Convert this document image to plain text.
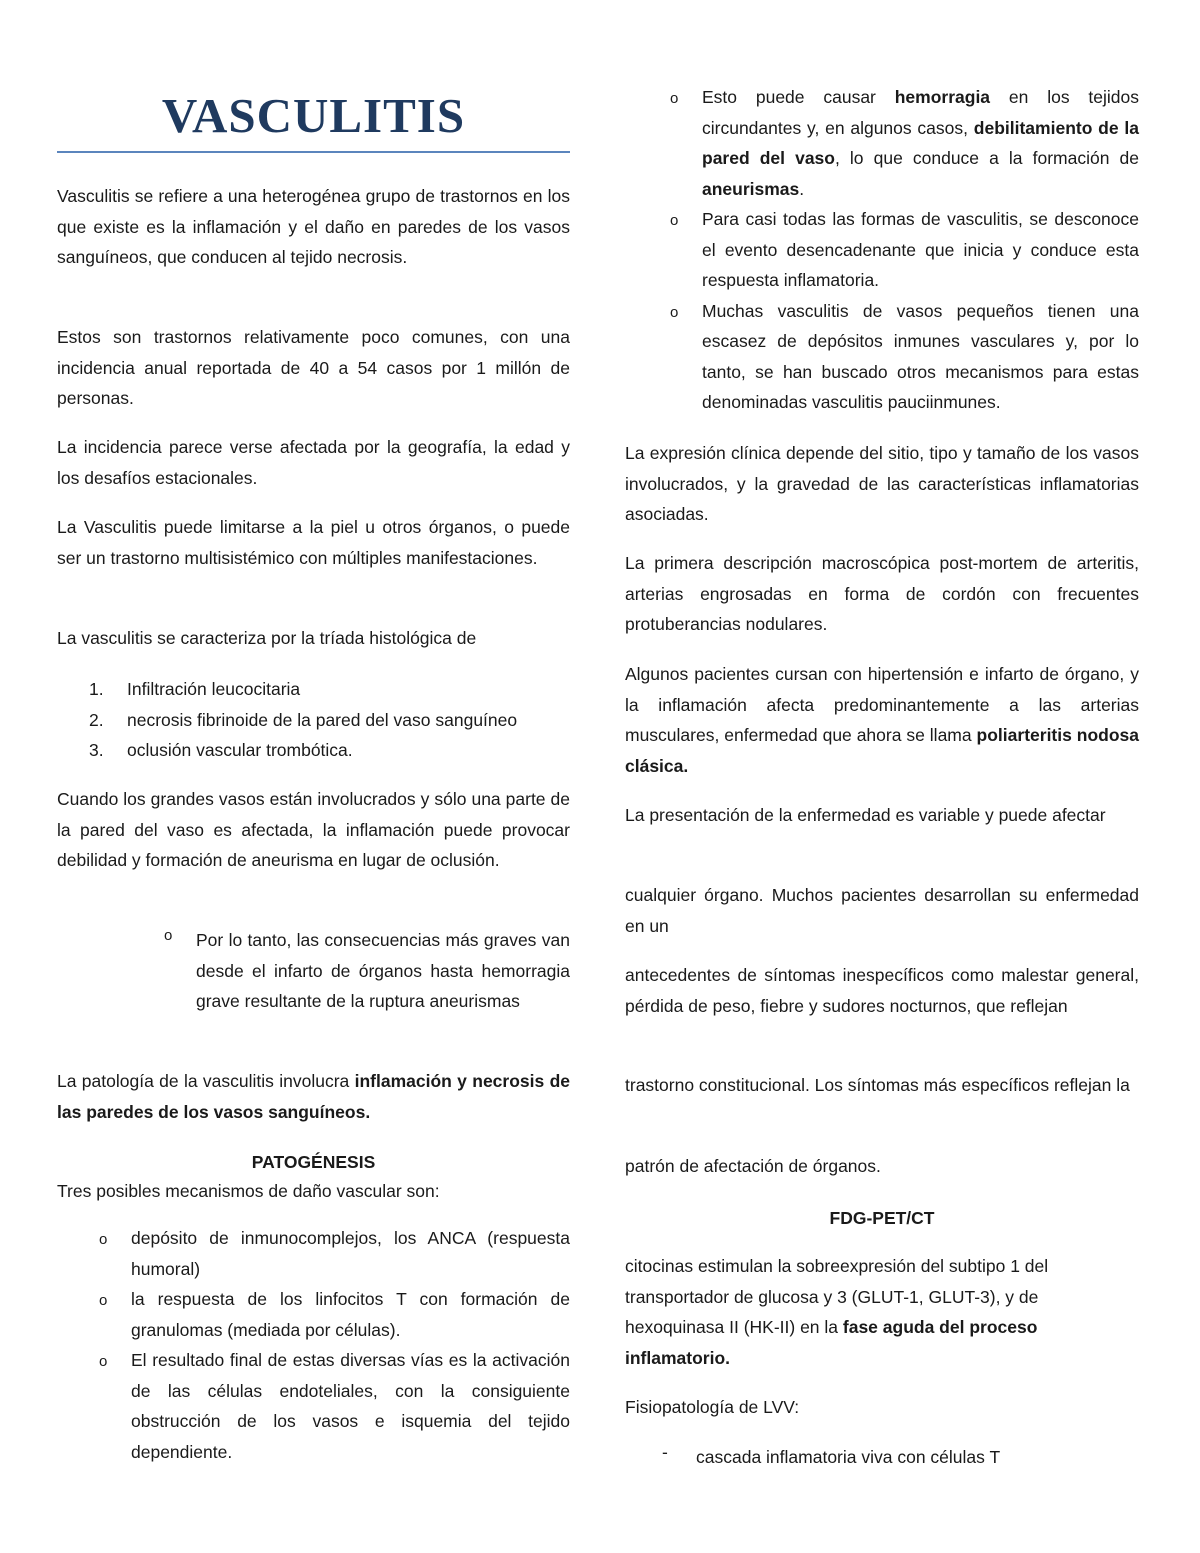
VASCULITIS

Vasculitis se refiere a una heterogénea grupo de trastornos en los que existe es la inflamación y el daño en paredes de los vasos sanguíneos, que conducen al tejido necrosis.

Estos son trastornos relativamente poco comunes, con una incidencia anual reportada de 40 a 54 casos por 1 millón de personas.

La incidencia parece verse afectada por la geografía, la edad y los desafíos estacionales.

La Vasculitis puede limitarse a la piel u otros órganos, o puede ser un trastorno multisistémico con múltiples manifestaciones.

La vasculitis se caracteriza por la tríada histológica de

1. Infiltración leucocitaria
2. necrosis fibrinoide de la pared del vaso sanguíneo
3. oclusión vascular trombótica.

Cuando los grandes vasos están involucrados y sólo una parte de la pared del vaso es afectada, la inflamación puede provocar debilidad y formación de aneurisma en lugar de oclusión.

o Por lo tanto, las consecuencias más graves van desde el infarto de órganos hasta hemorragia grave resultante de la ruptura aneurismas

La patología de la vasculitis involucra inflamación y necrosis de las paredes de los vasos sanguíneos.

PATOGÉNESIS

Tres posibles mecanismos de daño vascular son:

o depósito de inmunocomplejos, los ANCA (respuesta humoral)
o la respuesta de los linfocitos T con formación de granulomas (mediada por células).
o El resultado final de estas diversas vías es la activación de las células endoteliales, con la consiguiente obstrucción de los vasos e isquemia del tejido dependiente.
o Esto puede causar hemorragia en los tejidos circundantes y, en algunos casos, debilitamiento de la pared del vaso, lo que conduce a la formación de aneurismas.
o Para casi todas las formas de vasculitis, se desconoce el evento desencadenante que inicia y conduce esta respuesta inflamatoria.
o Muchas vasculitis de vasos pequeños tienen una escasez de depósitos inmunes vasculares y, por lo tanto, se han buscado otros mecanismos para estas denominadas vasculitis pauciinmunes.

La expresión clínica depende del sitio, tipo y tamaño de los vasos involucrados, y la gravedad de las características inflamatorias asociadas.

La primera descripción macroscópica post-mortem de arteritis, arterias engrosadas en forma de cordón con frecuentes protuberancias nodulares.

Algunos pacientes cursan con hipertensión e infarto de órgano, y la inflamación afecta predominantemente a las arterias musculares, enfermedad que ahora se llama poliarteritis nodosa clásica.

La presentación de la enfermedad es variable y puede afectar

cualquier órgano. Muchos pacientes desarrollan su enfermedad en un

antecedentes de síntomas inespecíficos como malestar general, pérdida de peso, fiebre y sudores nocturnos, que reflejan

trastorno constitucional. Los síntomas más específicos reflejan la

patrón de afectación de órganos.

FDG-PET/CT

citocinas estimulan la sobreexpresión del subtipo 1 del transportador de glucosa y 3 (GLUT-1, GLUT-3), y de hexoquinasa II (HK-II) en la fase aguda del proceso inflamatorio.

Fisiopatología de LVV:

- cascada inflamatoria viva con células T
